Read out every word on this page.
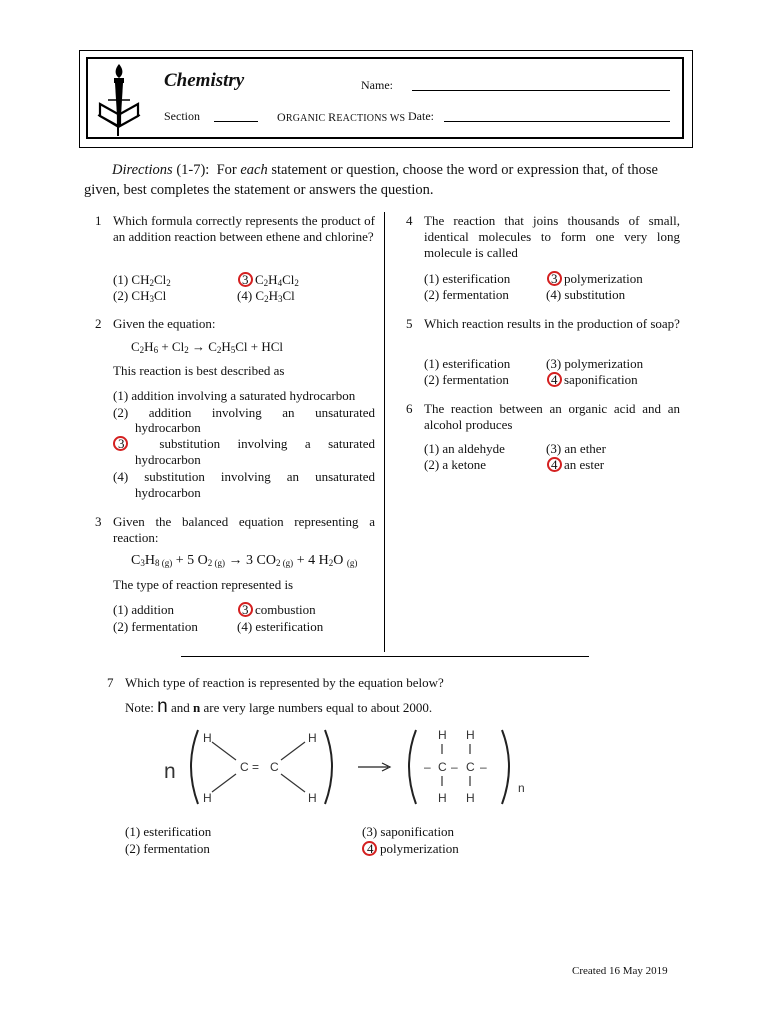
Chemistry	Name:
Section	ORGANIC REACTIONS WS Date:
Directions (1-7): For each statement or question, choose the word or expression that, of those given, best completes the statement or answers the question.
1 Which formula correctly represents the product of an addition reaction between ethene and chlorine?
(1) $CH_2Cl_2$
(2) $CH_3Cl$
3  $C_2H_4Cl_2$
(4) $C_2H_3Cl$
2 Given the equation:
$C_2H_6 + Cl_2 \to C_2H_5Cl$ + HCl
This reaction is best described as
(1) addition involving a saturated hydrocarbon
(2) addition involving an unsaturated
hydrocarbon
3  substitution involving a saturated
hydrocarbon
(4) substitution involving an unsaturated
hydrocarbon
3 Given the balanced equation representing a reaction:
$C_3H_{8 (g)} + 5$ $O_{2 (g)} \to 3$ $CO_{2 (g)} + 4$ $H_2O$ $_{(g)}$
The type of reaction represented is
(1) addition
(2) fermentation
3  combustion
(4) esterification
4 The reaction that joins thousands of small, identical molecules to form one very long molecule is called
(1) esterification
(2) fermentation
3  polymerization
(4) substitution
5 Which reaction results in the production of soap?
(1) esterification
(2) fermentation
(3) polymerization
4  saponification
6 The reaction between an organic acid and an alcohol produces
(1) an aldehyde
(2) a ketone
(3) an ether
4  an ester
7 Which type of reaction is represented by the equation below?
Note: n and n are very large numbers equal to about 2000.
n
H
H
C = C
H
H
– C – C –
H H
H H
n
(1) esterification
(2) fermentation
(3) saponification
4  polymerization
Created 16 May 2019
